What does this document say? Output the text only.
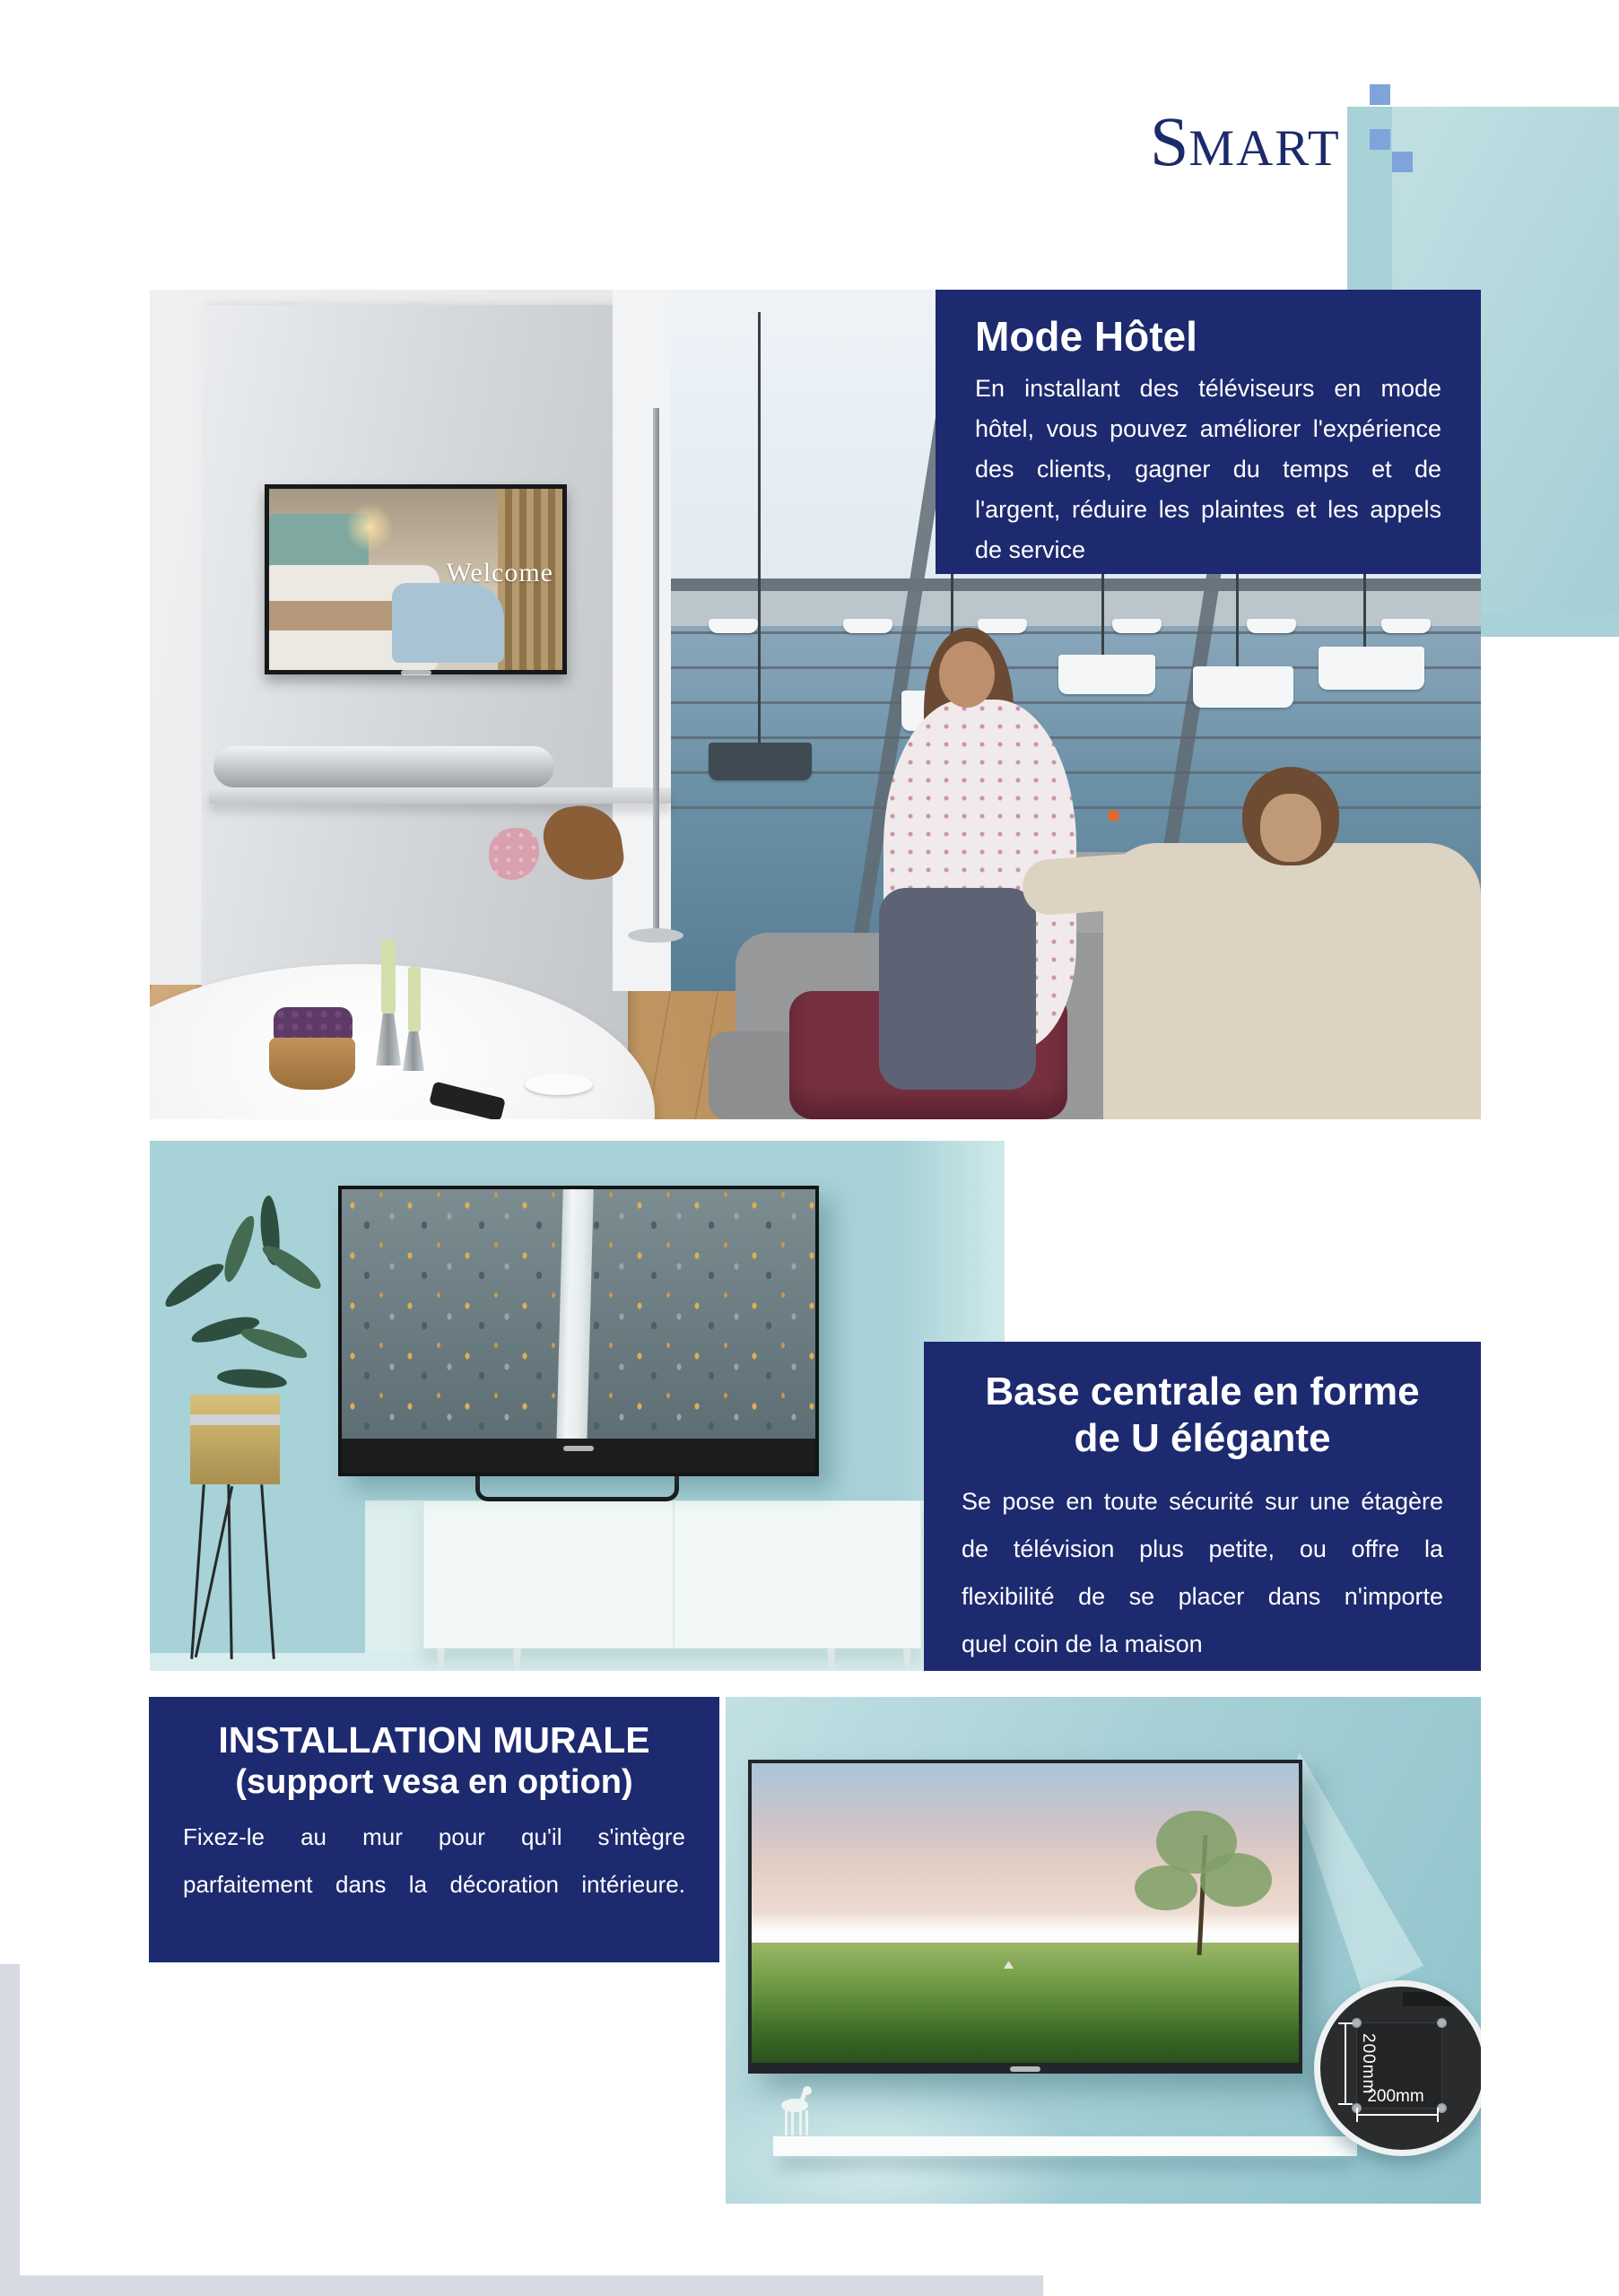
SMART
Welcome
Mode Hôtel
En installant des téléviseurs en mode
hôtel, vous pouvez améliorer l'expérience
des clients, gagner du temps et de
l'argent, réduire les plaintes et les appels
de service
Base centrale en forme
de U élégante
Se pose en toute sécurité sur une étagère
de télévision plus petite, ou offre la
flexibilité de se placer dans n'importe
quel coin de la maison
200mm
200mm
INSTALLATION MURALE
(support vesa en option)
Fixez-le au mur pour qu'il s'intègre
parfaitement dans la décoration intérieure.
